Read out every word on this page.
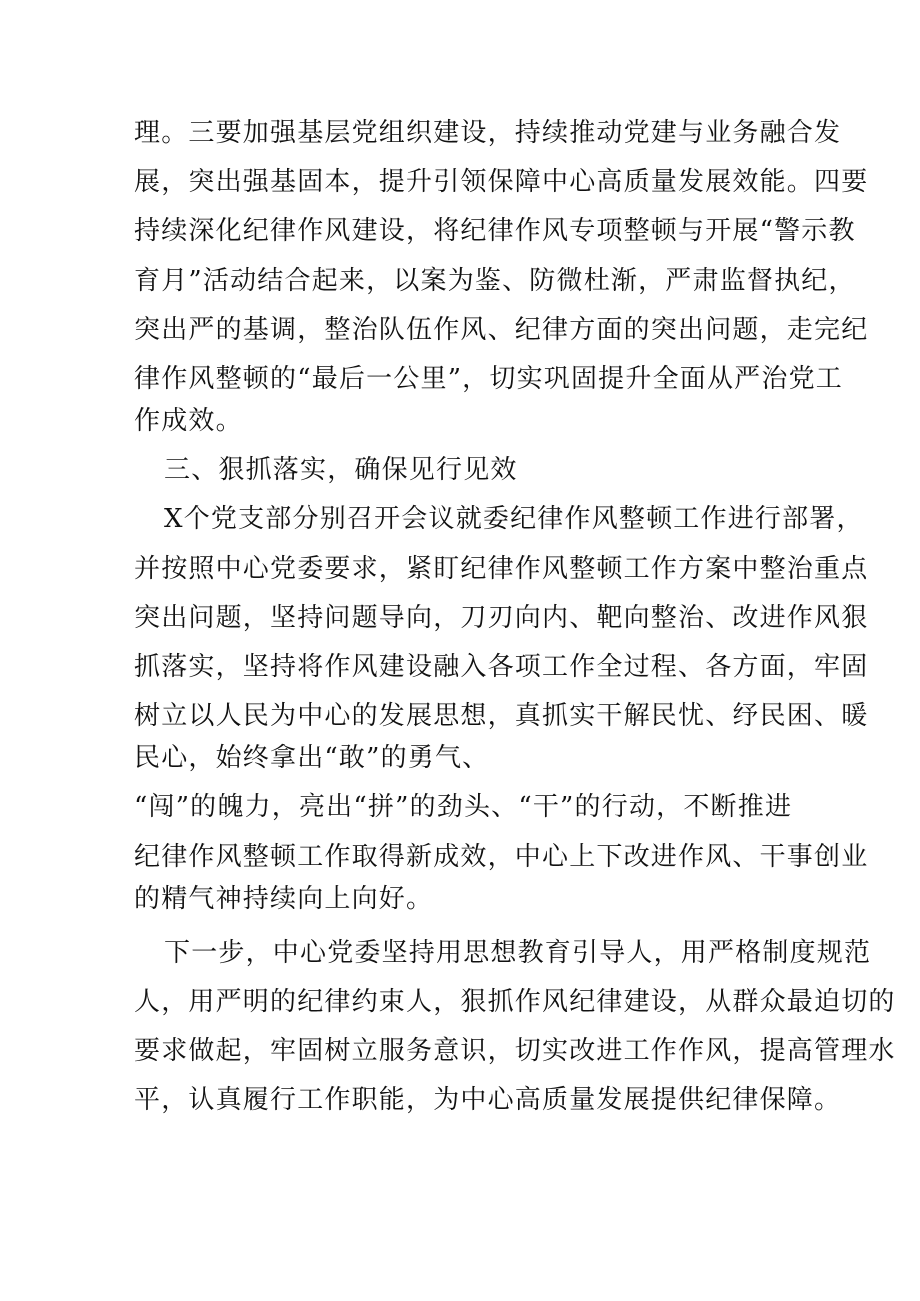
理。三要加强基层党组织建设，持续推动党建与业务融合发
展，突出强基固本，提升引领保障中心高质量发展效能。四要
持续深化纪律作风建设，将纪律作风专项整顿与开展“警示教
育月”活动结合起来，以案为鉴、防微杜渐，严肃监督执纪，
突出严的基调，整治队伍作风、纪律方面的突出问题，走完纪
律作风整顿的“最后一公里”，切实巩固提升全面从严治党工
作成效。
三、狠抓落实，确保见行见效
X个党支部分别召开会议就委纪律作风整顿工作进行部署，
并按照中心党委要求，紧盯纪律作风整顿工作方案中整治重点
突出问题，坚持问题导向，刀刃向内、靶向整治、改进作风狠
抓落实，坚持将作风建设融入各项工作全过程、各方面，牢固
树立以人民为中心的发展思想，真抓实干解民忧、纾民困、暖
民心，始终拿出“敢”的勇气、
“闯”的魄力，亮出“拼”的劲头、“干”的行动，不断推进
纪律作风整顿工作取得新成效，中心上下改进作风、干事创业
的精气神持续向上向好。
下一步，中心党委坚持用思想教育引导人，用严格制度规范
人，用严明的纪律约束人，狠抓作风纪律建设，从群众最迫切的
要求做起，牢固树立服务意识，切实改进工作作风，提高管理水
平，认真履行工作职能，为中心高质量发展提供纪律保障。
